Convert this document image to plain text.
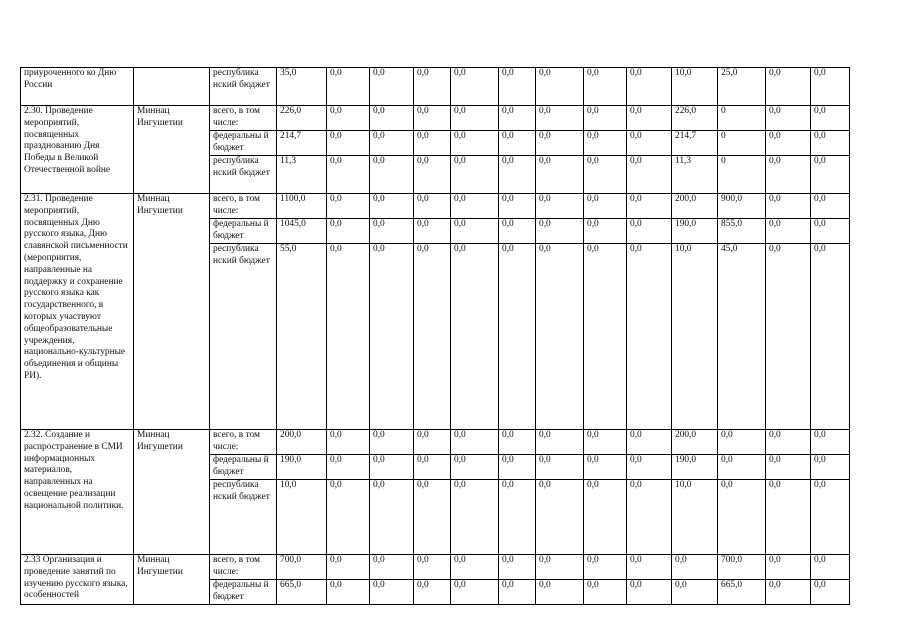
приуроченного ко Дню России		республика нский бюджет	35,0	0,0	0,0	0,0	0,0	0,0	0,0	0,0	0,0	10,0	25,0	0,0	0,0
2.30. Проведение мероприятий, посвященных празднованию Дня Победы в Великой Отечественной войне	Миннац Ингушетии	всего, в том числе:	226,0	0,0	0,0	0,0	0,0	0,0	0,0	0,0	0,0	226,0	0	0,0	0,0
		федеральны й бюджет	214,7	0,0	0,0	0,0	0,0	0,0	0,0	0,0	0,0	214,7	0	0,0	0,0
		республика нский бюджет	11,3	0,0	0,0	0,0	0,0	0,0	0,0	0,0	0,0	11,3	0	0,0	0,0
2.31. Проведение мероприятий, посвященных Дню русского языка, Дню славянской письменности (мероприятия, направленные на поддержку и сохранение русского языка как государственного, в которых участвуют общеобразовательные учреждения, национально-культурные объединения и общины РИ).	Миннац Ингушетии	всего, в том числе:	1100,0	0,0	0,0	0,0	0,0	0,0	0,0	0,0	0,0	200,0	900,0	0,0	0,0
		федеральны й бюджет	1045,0	0,0	0,0	0,0	0,0	0,0	0,0	0,0	0,0	190,0	855,0	0,0	0,0
		республика нский бюджет	55,0	0,0	0,0	0,0	0,0	0,0	0,0	0,0	0,0	10,0	45,0	0,0	0,0
2.32. Создание и распространение в СМИ информационных материалов, направленных на освещение реализации национальной политики.	Миннац Ингушетии	всего, в том числе:	200,0	0,0	0,0	0,0	0,0	0,0	0,0	0,0	0,0	200,0	0,0	0,0	0,0
		федеральны й бюджет	190,0	0,0	0,0	0,0	0,0	0,0	0,0	0,0	0,0	190,0	0,0	0,0	0,0
		республика нский бюджет	10,0	0,0	0,0	0,0	0,0	0,0	0,0	0,0	0,0	10,0	0,0	0,0	0,0
2.33 Организация и проведение занятий по изучению русского языка, особенностей	Миннац Ингушетии	всего, в том числе:	700,0	0,0	0,0	0,0	0,0	0,0	0,0	0,0	0,0	0,0	700,0	0,0	0,0
		федеральны й бюджет	665,0	0,0	0,0	0,0	0,0	0,0	0,0	0,0	0,0	0,0	665,0	0,0	0,0
